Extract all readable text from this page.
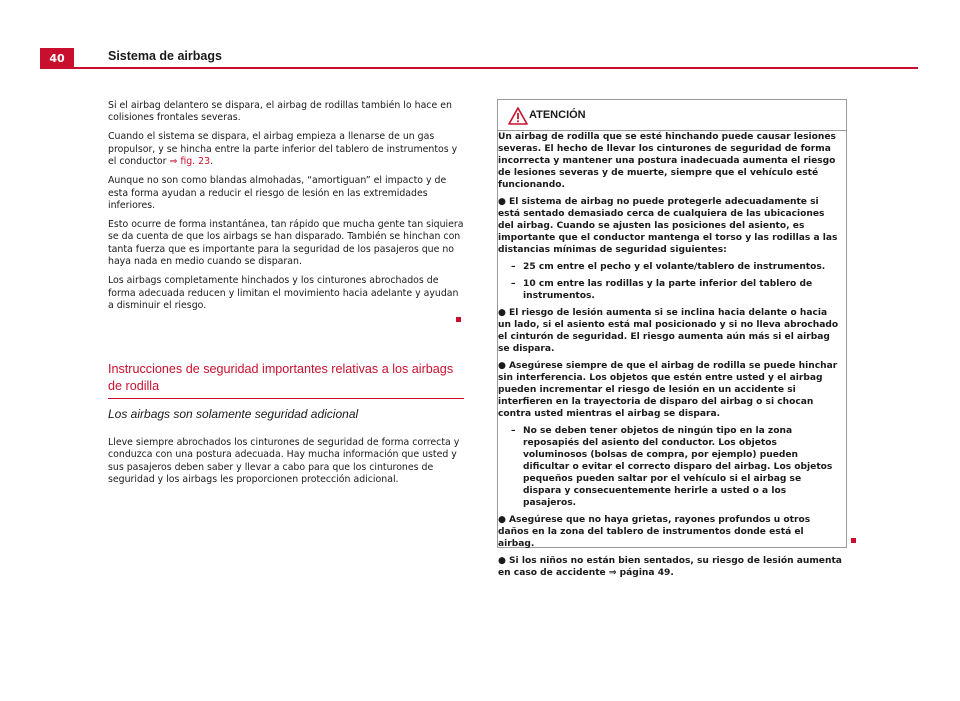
40	Sistema de airbags

Si el airbag delantero se dispara, el airbag de rodillas también lo hace en colisiones frontales severas.

Cuando el sistema se dispara, el airbag empieza a llenarse de un gas propulsor, y se hincha entre la parte inferior del tablero de instrumentos y el conductor ⇒ fig. 23.

Aunque no son como blandas almohadas, “amortiguan” el impacto y de esta forma ayudan a reducir el riesgo de lesión en las extremidades inferiores.

Esto ocurre de forma instantánea, tan rápido que mucha gente tan siquiera se da cuenta de que los airbags se han disparado. También se hinchan con tanta fuerza que es importante para la seguridad de los pasajeros que no haya nada en medio cuando se disparan.

Los airbags completamente hinchados y los cinturones abrochados de forma adecuada reducen y limitan el movimiento hacia adelante y ayudan a disminuir el riesgo.

Instrucciones de seguridad importantes relativas a los airbags de rodilla
Los airbags son solamente seguridad adicional
Lleve siempre abrochados los cinturones de seguridad de forma correcta y conduzca con una postura adecuada. Hay mucha información que usted y sus pasajeros deben saber y llevar a cabo para que los cinturones de seguridad y los airbags les proporcionen protección adicional.
ATENCIÓN

Un airbag de rodilla que se esté hinchando puede causar lesiones severas. El hecho de llevar los cinturones de seguridad de forma incorrecta y mantener una postura inadecuada aumenta el riesgo de lesiones severas y de muerte, siempre que el vehículo esté funcionando.

● El sistema de airbag no puede protegerle adecuadamente si está sentado demasiado cerca de cualquiera de las ubicaciones del airbag. Cuando se ajusten las posiciones del asiento, es importante que el conductor mantenga el torso y las rodillas a las distancias mínimas de seguridad siguientes:

– 25 cm entre el pecho y el volante/tablero de instrumentos.

– 10 cm entre las rodillas y la parte inferior del tablero de instrumentos.

● El riesgo de lesión aumenta si se inclina hacia delante o hacia un lado, si el asiento está mal posicionado y si no lleva abrochado el cinturón de seguridad. El riesgo aumenta aún más si el airbag se dispara.

● Asegúrese siempre de que el airbag de rodilla se puede hinchar sin interferencia. Los objetos que estén entre usted y el airbag pueden incrementar el riesgo de lesión en un accidente si interfieren en la trayectoria de disparo del airbag o si chocan contra usted mientras el airbag se dispara.

– No se deben tener objetos de ningún tipo en la zona reposapiés del asiento del conductor. Los objetos voluminosos (bolsas de compra, por ejemplo) pueden dificultar o evitar el correcto disparo del airbag. Los objetos pequeños pueden saltar por el vehículo si el airbag se dispara y consecuentemente herirle a usted o a los pasajeros.

● Asegúrese que no haya grietas, rayones profundos u otros daños en la zona del tablero de instrumentos donde está el airbag.

● Si los niños no están bien sentados, su riesgo de lesión aumenta en caso de accidente ⇒ página 49.
